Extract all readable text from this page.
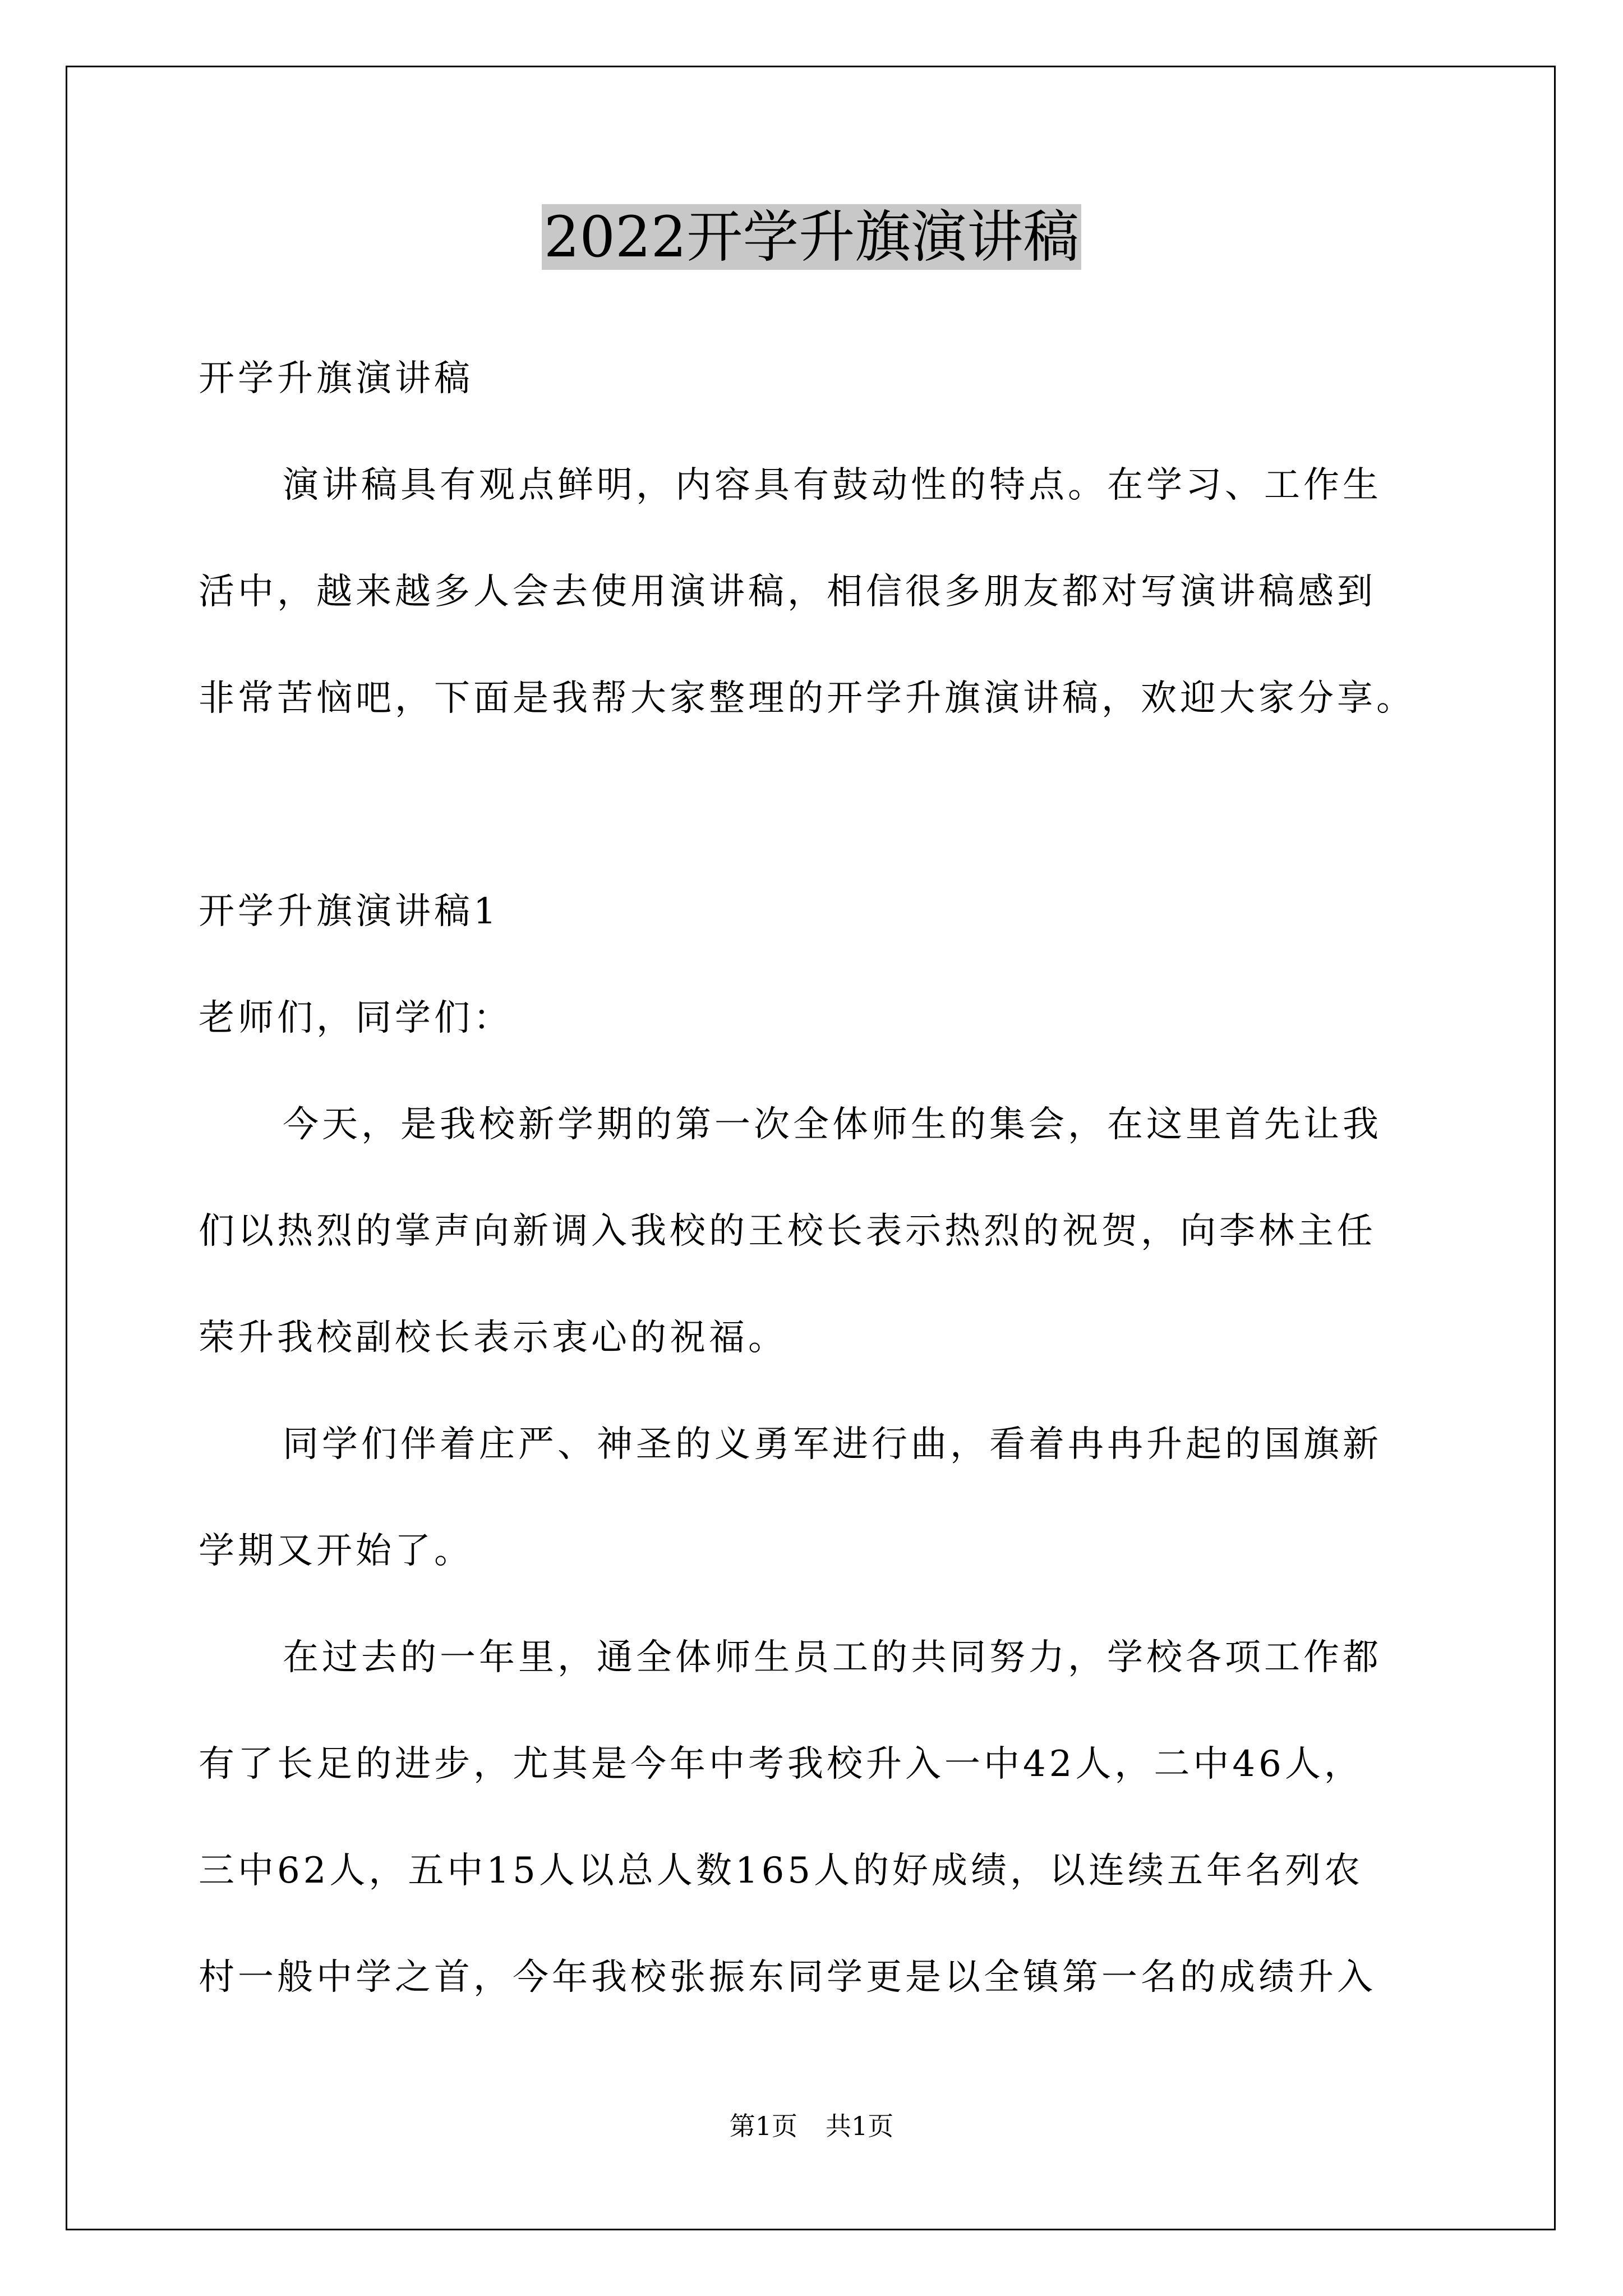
2022开学升旗演讲稿
开学升旗演讲稿
演讲稿具有观点鲜明，内容具有鼓动性的特点。在学习、工作生
活中，越来越多人会去使用演讲稿，相信很多朋友都对写演讲稿感到
非常苦恼吧，下面是我帮大家整理的开学升旗演讲稿，欢迎大家分享。
开学升旗演讲稿1
老师们，同学们：
今天，是我校新学期的第一次全体师生的集会，在这里首先让我
们以热烈的掌声向新调入我校的王校长表示热烈的祝贺，向李林主任
荣升我校副校长表示衷心的祝福。
同学们伴着庄严、神圣的义勇军进行曲，看着冉冉升起的国旗新
学期又开始了。
在过去的一年里，通全体师生员工的共同努力，学校各项工作都
有了长足的进步，尤其是今年中考我校升入一中42人，二中46人，
三中62人，五中15人以总人数165人的好成绩，以连续五年名列农
村一般中学之首，今年我校张振东同学更是以全镇第一名的成绩升入
第1页 共1页
